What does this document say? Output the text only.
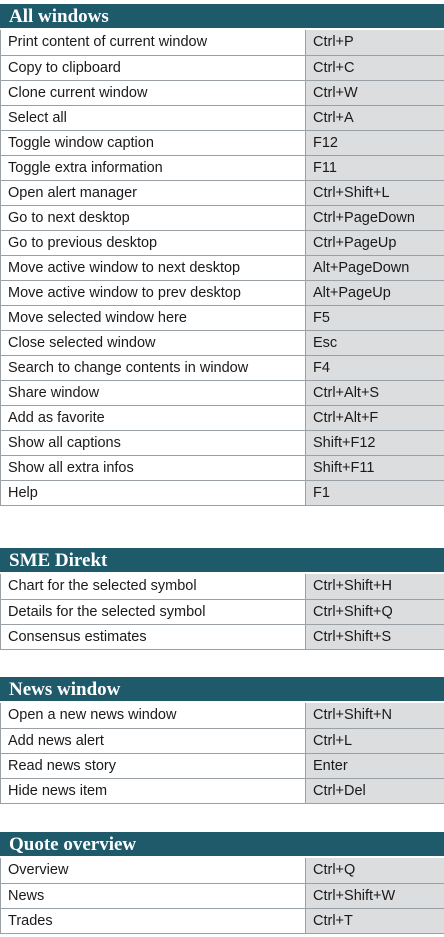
All windows
Print content of current window	Ctrl+P
Copy to clipboard	Ctrl+C
Clone current window	Ctrl+W
Select all	Ctrl+A
Toggle window caption	F12
Toggle extra information	F11
Open alert manager	Ctrl+Shift+L
Go to next desktop	Ctrl+PageDown
Go to previous desktop	Ctrl+PageUp
Move active window to next desktop	Alt+PageDown
Move active window to prev desktop	Alt+PageUp
Move selected window here	F5
Close selected window	Esc
Search to change contents in window	F4
Share window	Ctrl+Alt+S
Add as favorite	Ctrl+Alt+F
Show all captions	Shift+F12
Show all extra infos	Shift+F11
Help	F1
SME Direkt
Chart for the selected symbol	Ctrl+Shift+H
Details for the selected symbol	Ctrl+Shift+Q
Consensus estimates	Ctrl+Shift+S
News window
Open a new news window	Ctrl+Shift+N
Add news alert	Ctrl+L
Read news story	Enter
Hide news item	Ctrl+Del
Quote overview
Overview	Ctrl+Q
News	Ctrl+Shift+W
Trades	Ctrl+T
